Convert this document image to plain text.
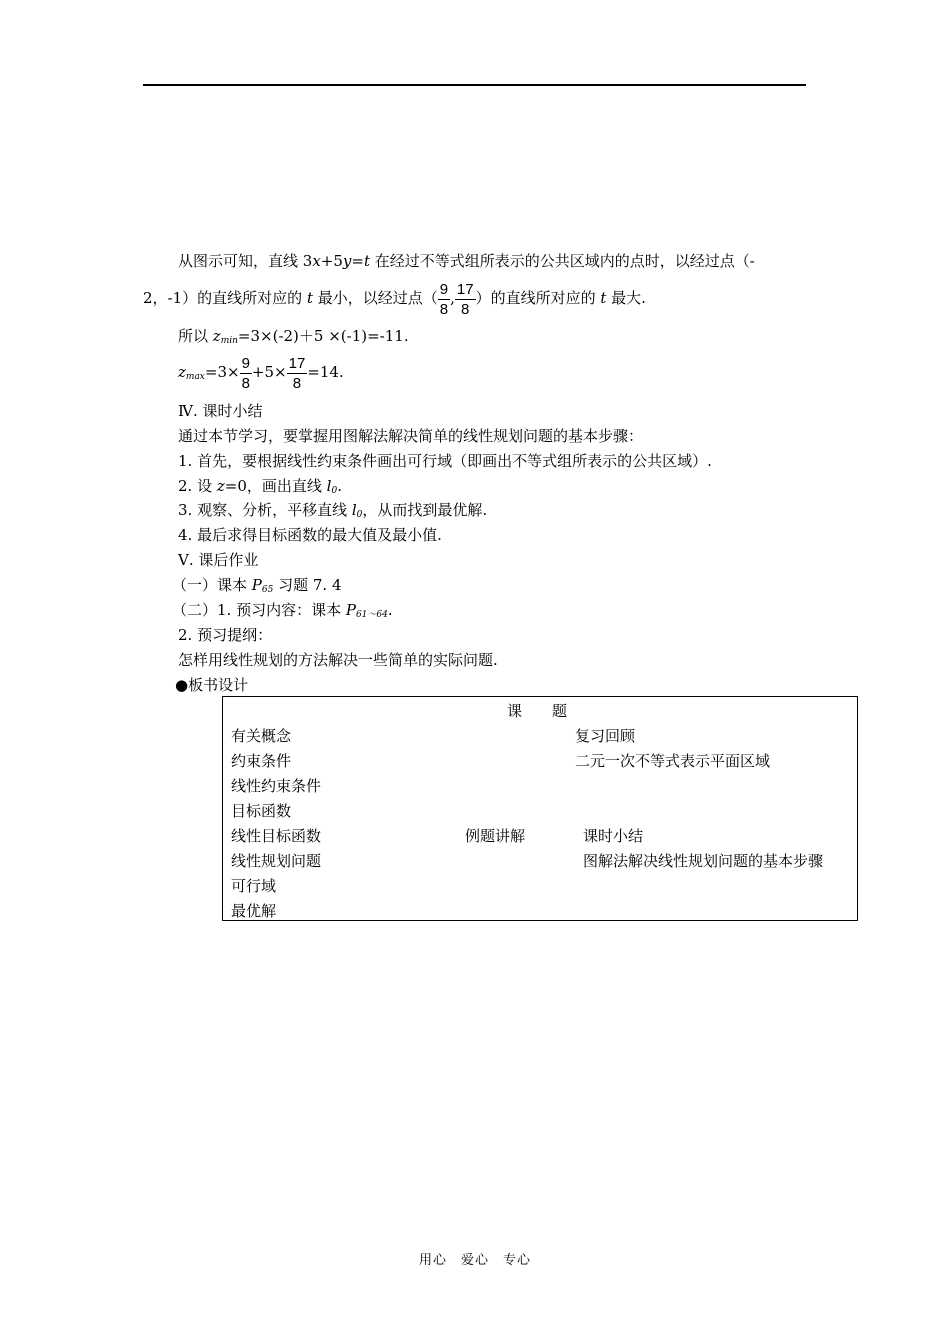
从图示可知，直线 3x+5y=t 在经过不等式组所表示的公共区域内的点时，以经过点（-
2，-1）的直线所对应的 t 最小，以经过点（ $\frac{9}{8}$ , $\frac{17}{8}$ ）的直线所对应的 t 最大.
所以 $z_{min}=3\times(-2)+5 \times(-1)=-11$.
$z_{max}=3\times \frac{9}{8} +5\times \frac{17}{8} =14$.
Ⅳ. 课时小结
通过本节学习，要掌握用图解法解决简单的线性规划问题的基本步骤：
1. 首先，要根据线性约束条件画出可行域（即画出不等式组所表示的公共区域）.
2. 设 z=0，画出直线 $l_0$.
3. 观察、分析，平移直线 $l_0$，从而找到最优解.
4. 最后求得目标函数的最大值及最小值.
Ⅴ. 课后作业
（一）课本 $P_{65}$ 习题 7. 4
（二）1. 预习内容：课本 $P_{61\sim 64}$.
2. 预习提纲：
怎样用线性规划的方法解决一些简单的实际问题.
●板书设计
课　　题
有关概念
约束条件
线性约束条件
目标函数
线性目标函数
线性规划问题
可行域
最优解
例题讲解
复习回顾
二元一次不等式表示平面区域
课时小结
图解法解决线性规划问题的基本步骤
用心　爱心　专心
